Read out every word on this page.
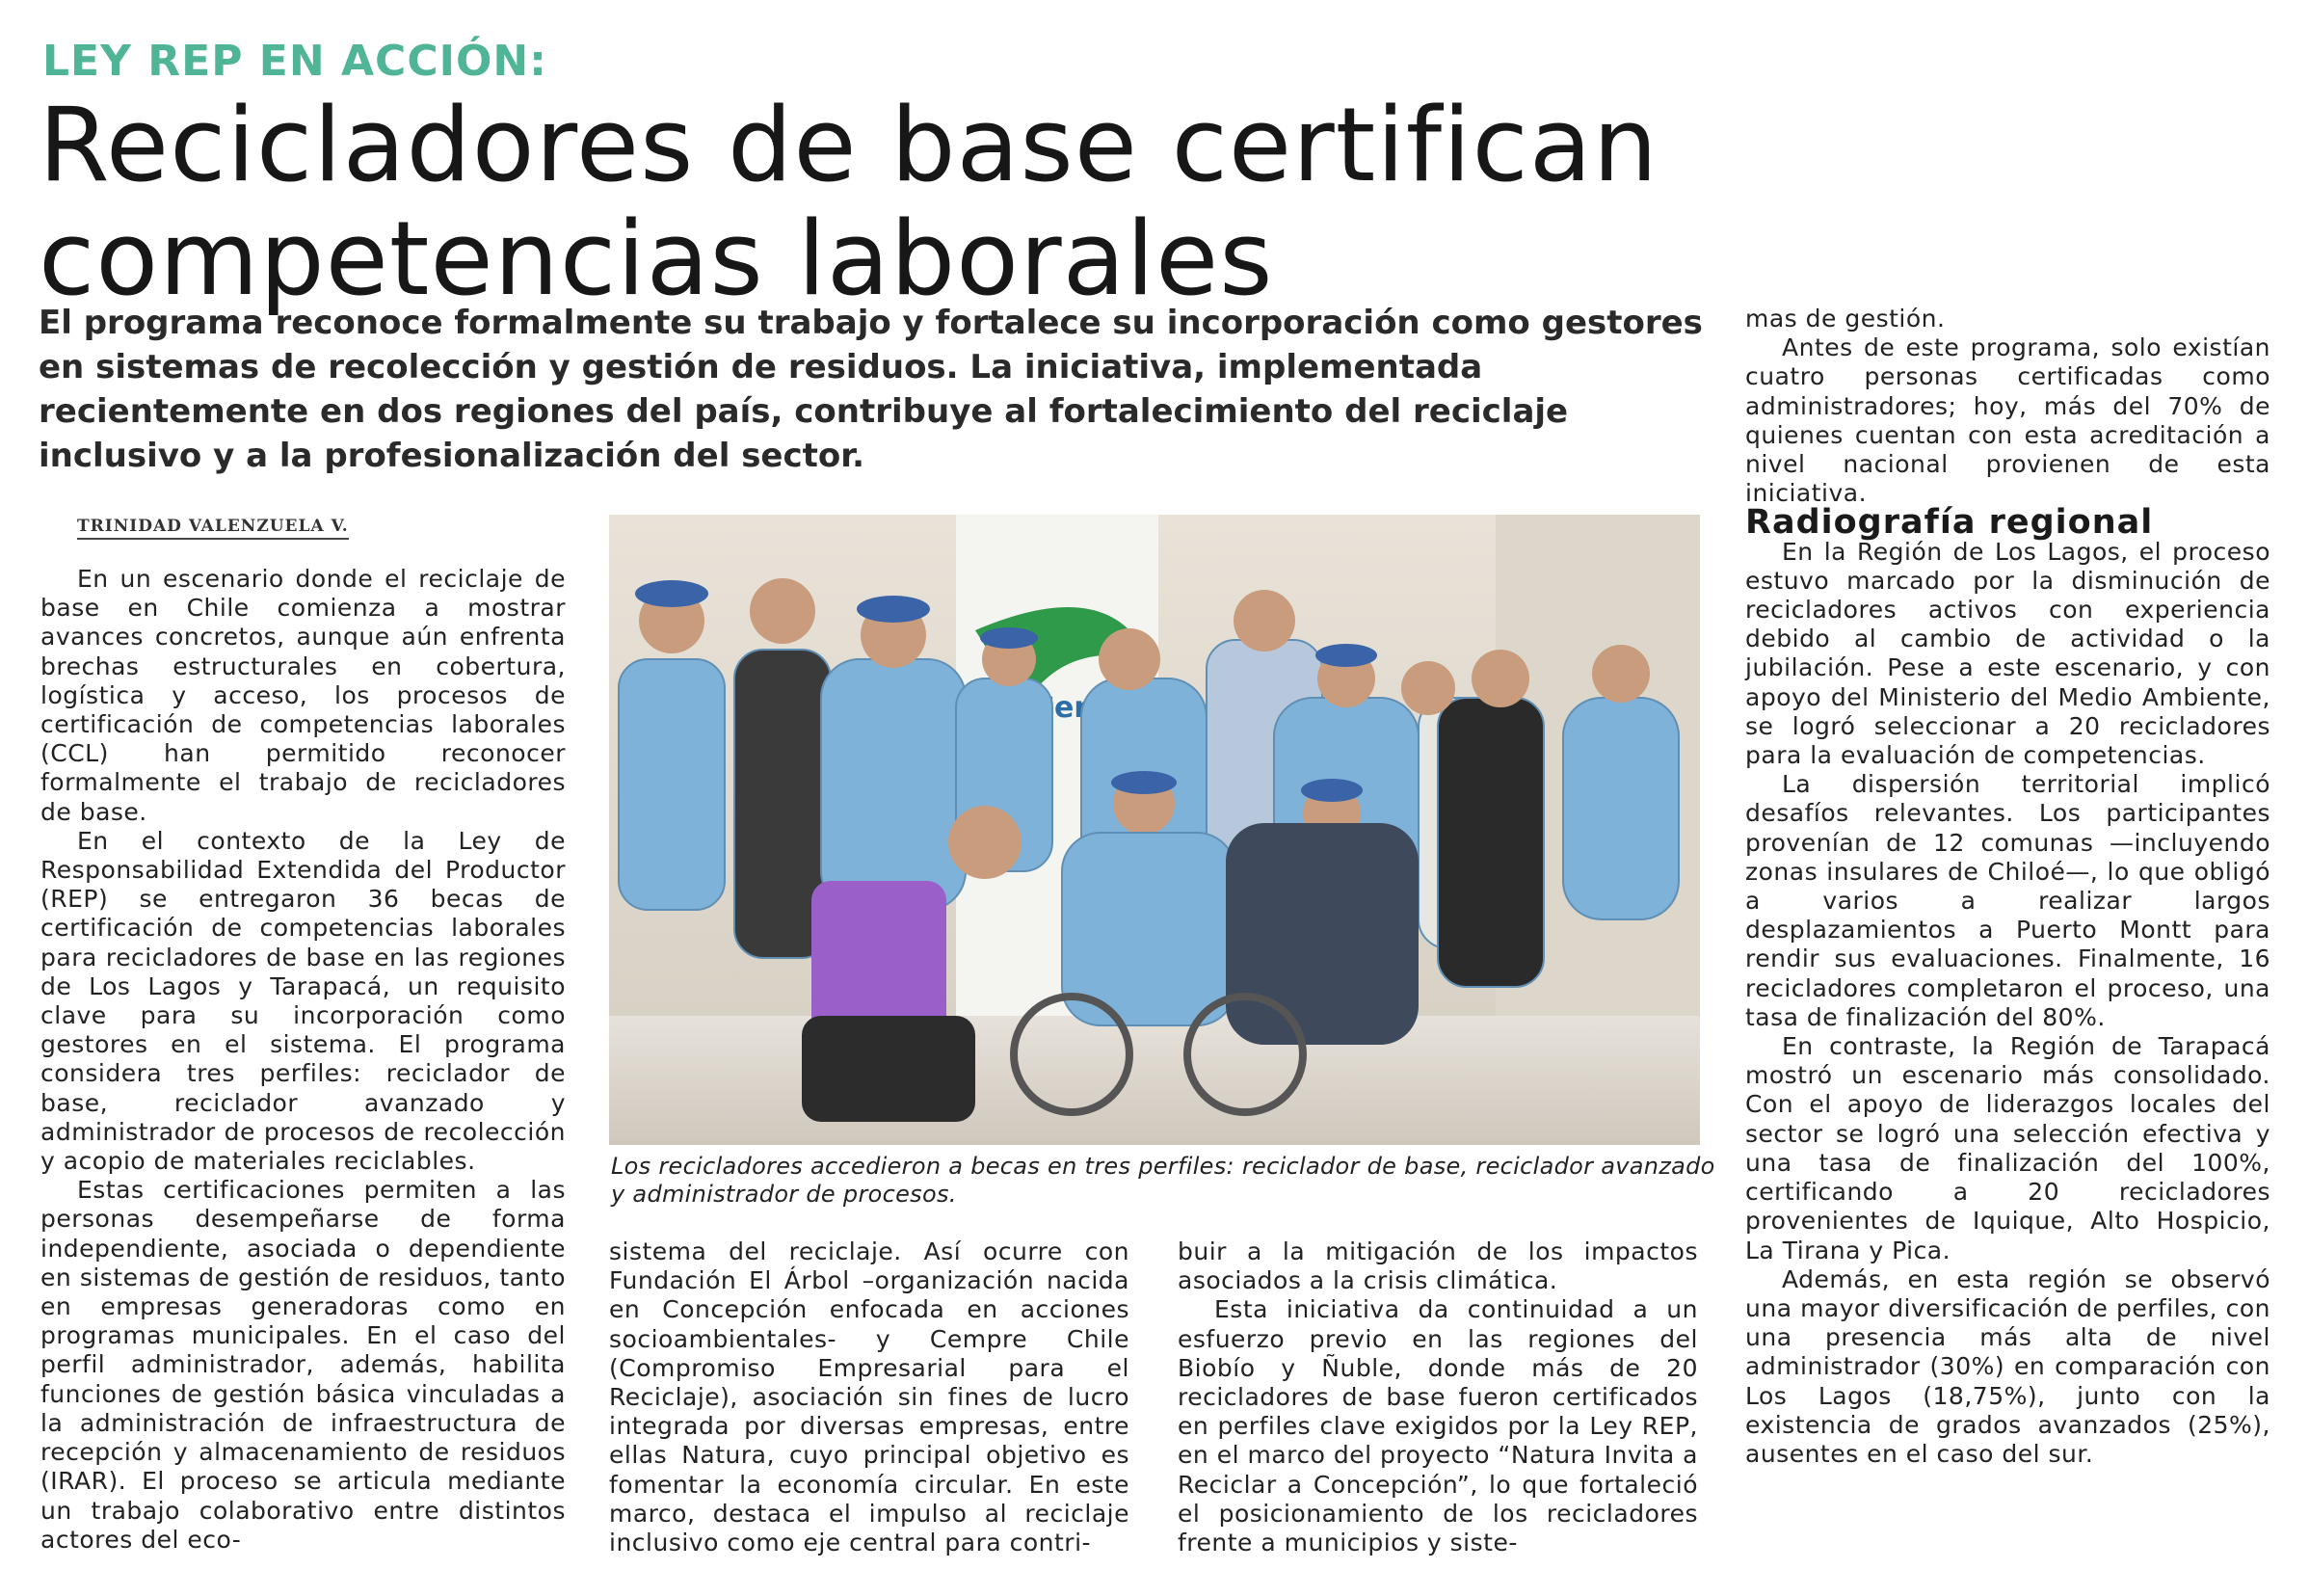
LEY REP EN ACCIÓN:
Recicladores de base certifican
competencias laborales
El programa reconoce formalmente su trabajo y fortalece su incorporación como gestores en sistemas de recolección y gestión de residuos. La iniciativa, implementada recientemente en dos regiones del país, contribuye al fortalecimiento del reciclaje inclusivo y a la profesionalización del sector.
TRINIDAD VALENZUELA V.

En un escenario donde el reciclaje de base en Chile comienza a mostrar avances concretos, aunque aún enfrenta brechas estructurales en cobertura, logística y acceso, los procesos de certificación de competencias laborales (CCL) han permitido reconocer formalmente el trabajo de recicladores de base.

En el contexto de la Ley de Responsabilidad Extendida del Productor (REP) se entregaron 36 becas de certificación de competencias laborales para recicladores de base en las regiones de Los Lagos y Tarapacá, un requisito clave para su incorporación como gestores en el sistema. El programa considera tres perfiles: reciclador de base, reciclador avanzado y administrador de procesos de recolección y acopio de materiales reciclables.

Estas certificaciones permiten a las personas desempeñarse de forma independiente, asociada o dependiente en sistemas de gestión de residuos, tanto en empresas generadoras como en programas municipales. En el caso del perfil administrador, además, habilita funciones de gestión básica vinculadas a la administración de infraestructura de recepción y almacenamiento de residuos (IRAR). El proceso se articula mediante un trabajo colaborativo entre distintos actores del eco-

Los recicladores accedieron a becas en tres perfiles: reciclador de base, reciclador avanzado y administrador de procesos.

sistema del reciclaje. Así ocurre con Fundación El Árbol –organización nacida en Concepción enfocada en acciones socioambientales- y Cempre Chile (Compromiso Empresarial para el Reciclaje), asociación sin fines de lucro integrada por diversas empresas, entre ellas Natura, cuyo principal objetivo es fomentar la economía circular. En este marco, destaca el impulso al reciclaje inclusivo como eje central para contri-

buir a la mitigación de los impactos asociados a la crisis climática.

Esta iniciativa da continuidad a un esfuerzo previo en las regiones del Biobío y Ñuble, donde más de 20 recicladores de base fueron certificados en perfiles clave exigidos por la Ley REP, en el marco del proyecto “Natura Invita a Reciclar a Concepción”, lo que fortaleció el posicionamiento de los recicladores frente a municipios y siste-

mas de gestión.

Antes de este programa, solo existían cuatro personas certificadas como administradores; hoy, más del 70% de quienes cuentan con esta acreditación a nivel nacional provienen de esta iniciativa.

Radiografía regional

En la Región de Los Lagos, el proceso estuvo marcado por la disminución de recicladores activos con experiencia debido al cambio de actividad o la jubilación. Pese a este escenario, y con apoyo del Ministerio del Medio Ambiente, se logró seleccionar a 20 recicladores para la evaluación de competencias.

La dispersión territorial implicó desafíos relevantes. Los participantes provenían de 12 comunas —incluyendo zonas insulares de Chiloé—, lo que obligó a varios a realizar largos desplazamientos a Puerto Montt para rendir sus evaluaciones. Finalmente, 16 recicladores completaron el proceso, una tasa de finalización del 80%.

En contraste, la Región de Tarapacá mostró un escenario más consolidado. Con el apoyo de liderazgos locales del sector se logró una selección efectiva y una tasa de finalización del 100%, certificando a 20 recicladores provenientes de Iquique, Alto Hospicio, La Tirana y Pica.

Además, en esta región se observó una mayor diversificación de perfiles, con una presencia más alta de nivel administrador (30%) en comparación con Los Lagos (18,75%), junto con la existencia de grados avanzados (25%), ausentes en el caso del sur.
